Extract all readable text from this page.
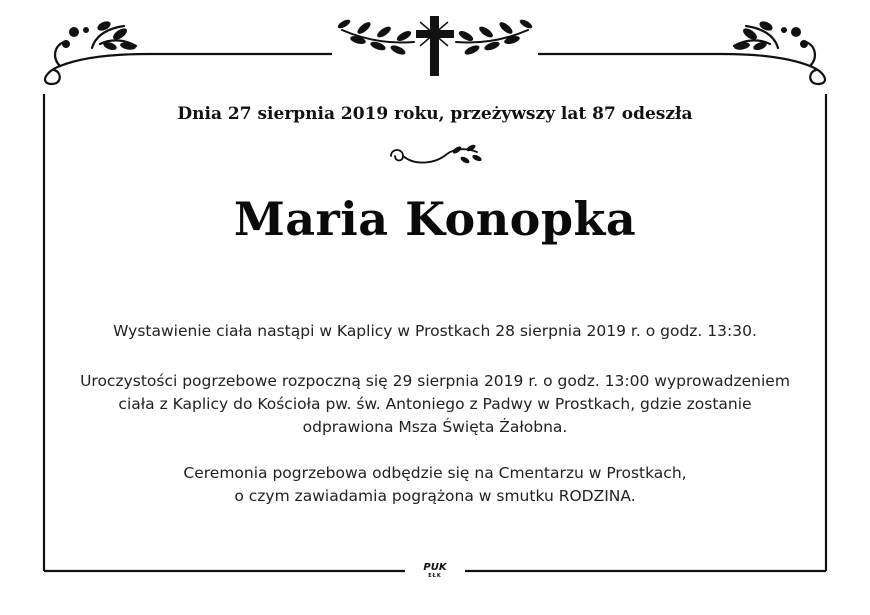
Dnia 27 sierpnia 2019 roku, przeżywszy lat 87 odeszła
Maria Konopka
Wystawienie ciała nastąpi w Kaplicy w Prostkach 28 sierpnia 2019 r. o godz. 13:30.
Uroczystości pogrzebowe rozpoczną się 29 sierpnia 2019 r. o godz. 13:00 wyprowadzeniem
ciała z Kaplicy do Kościoła pw. św. Antoniego z Padwy w Prostkach, gdzie zostanie
odprawiona Msza Święta Żałobna.
Ceremonia pogrzebowa odbędzie się na Cmentarzu w Prostkach,
o czym zawiadamia pogrążona w smutku RODZINA.
PUK
EŁK
